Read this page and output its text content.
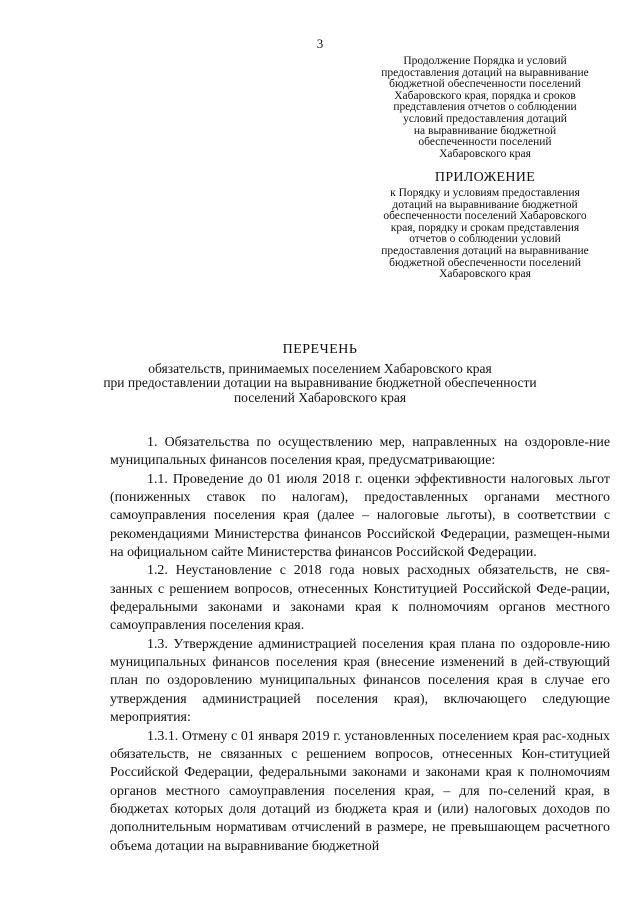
3
Продолжение Порядка и условий
предоставления дотаций на выравнивание
бюджетной обеспеченности поселений
Хабаровского края, порядка и сроков
представления отчетов о соблюдении
условий предоставления дотаций
на выравнивание бюджетной
обеспеченности поселений
Хабаровского края
ПРИЛОЖЕНИЕ
к Порядку и условиям предоставления
дотаций на выравнивание бюджетной
обеспеченности поселений Хабаровского
края, порядку и срокам представления
отчетов о соблюдении условий
предоставления дотаций на выравнивание
бюджетной обеспеченности поселений
Хабаровского края
ПЕРЕЧЕНЬ
обязательств, принимаемых поселением Хабаровского края
при предоставлении дотации на выравнивание бюджетной обеспеченности
поселений Хабаровского края

1. Обязательства по осуществлению мер, направленных на оздоровле-ние муниципальных финансов поселения края, предусматривающие:

1.1. Проведение до 01 июля 2018 г. оценки эффективности налоговых льгот (пониженных ставок по налогам), предоставленных органами местного самоуправления поселения края (далее – налоговые льготы), в соответствии с рекомендациями Министерства финансов Российской Федерации, размещен-ными на официальном сайте Министерства финансов Российской Федерации.

1.2. Неустановление с 2018 года новых расходных обязательств, не свя-занных с решением вопросов, отнесенных Конституцией Российской Феде-рации, федеральными законами и законами края к полномочиям органов местного самоуправления поселения края.

1.3. Утверждение администрацией поселения края плана по оздоровле-нию муниципальных финансов поселения края (внесение изменений в дей-ствующий план по оздоровлению муниципальных финансов поселения края в случае его утверждения администрацией поселения края), включающего следующие мероприятия:

1.3.1. Отмену с 01 января 2019 г. установленных поселением края рас-ходных обязательств, не связанных с решением вопросов, отнесенных Кон-ституцией Российской Федерации, федеральными законами и законами края к полномочиям органов местного самоуправления поселения края, – для по-селений края, в бюджетах которых доля дотаций из бюджета края и (или) налоговых доходов по дополнительным нормативам отчислений в размере, не превышающем расчетного объема дотации на выравнивание бюджетной
